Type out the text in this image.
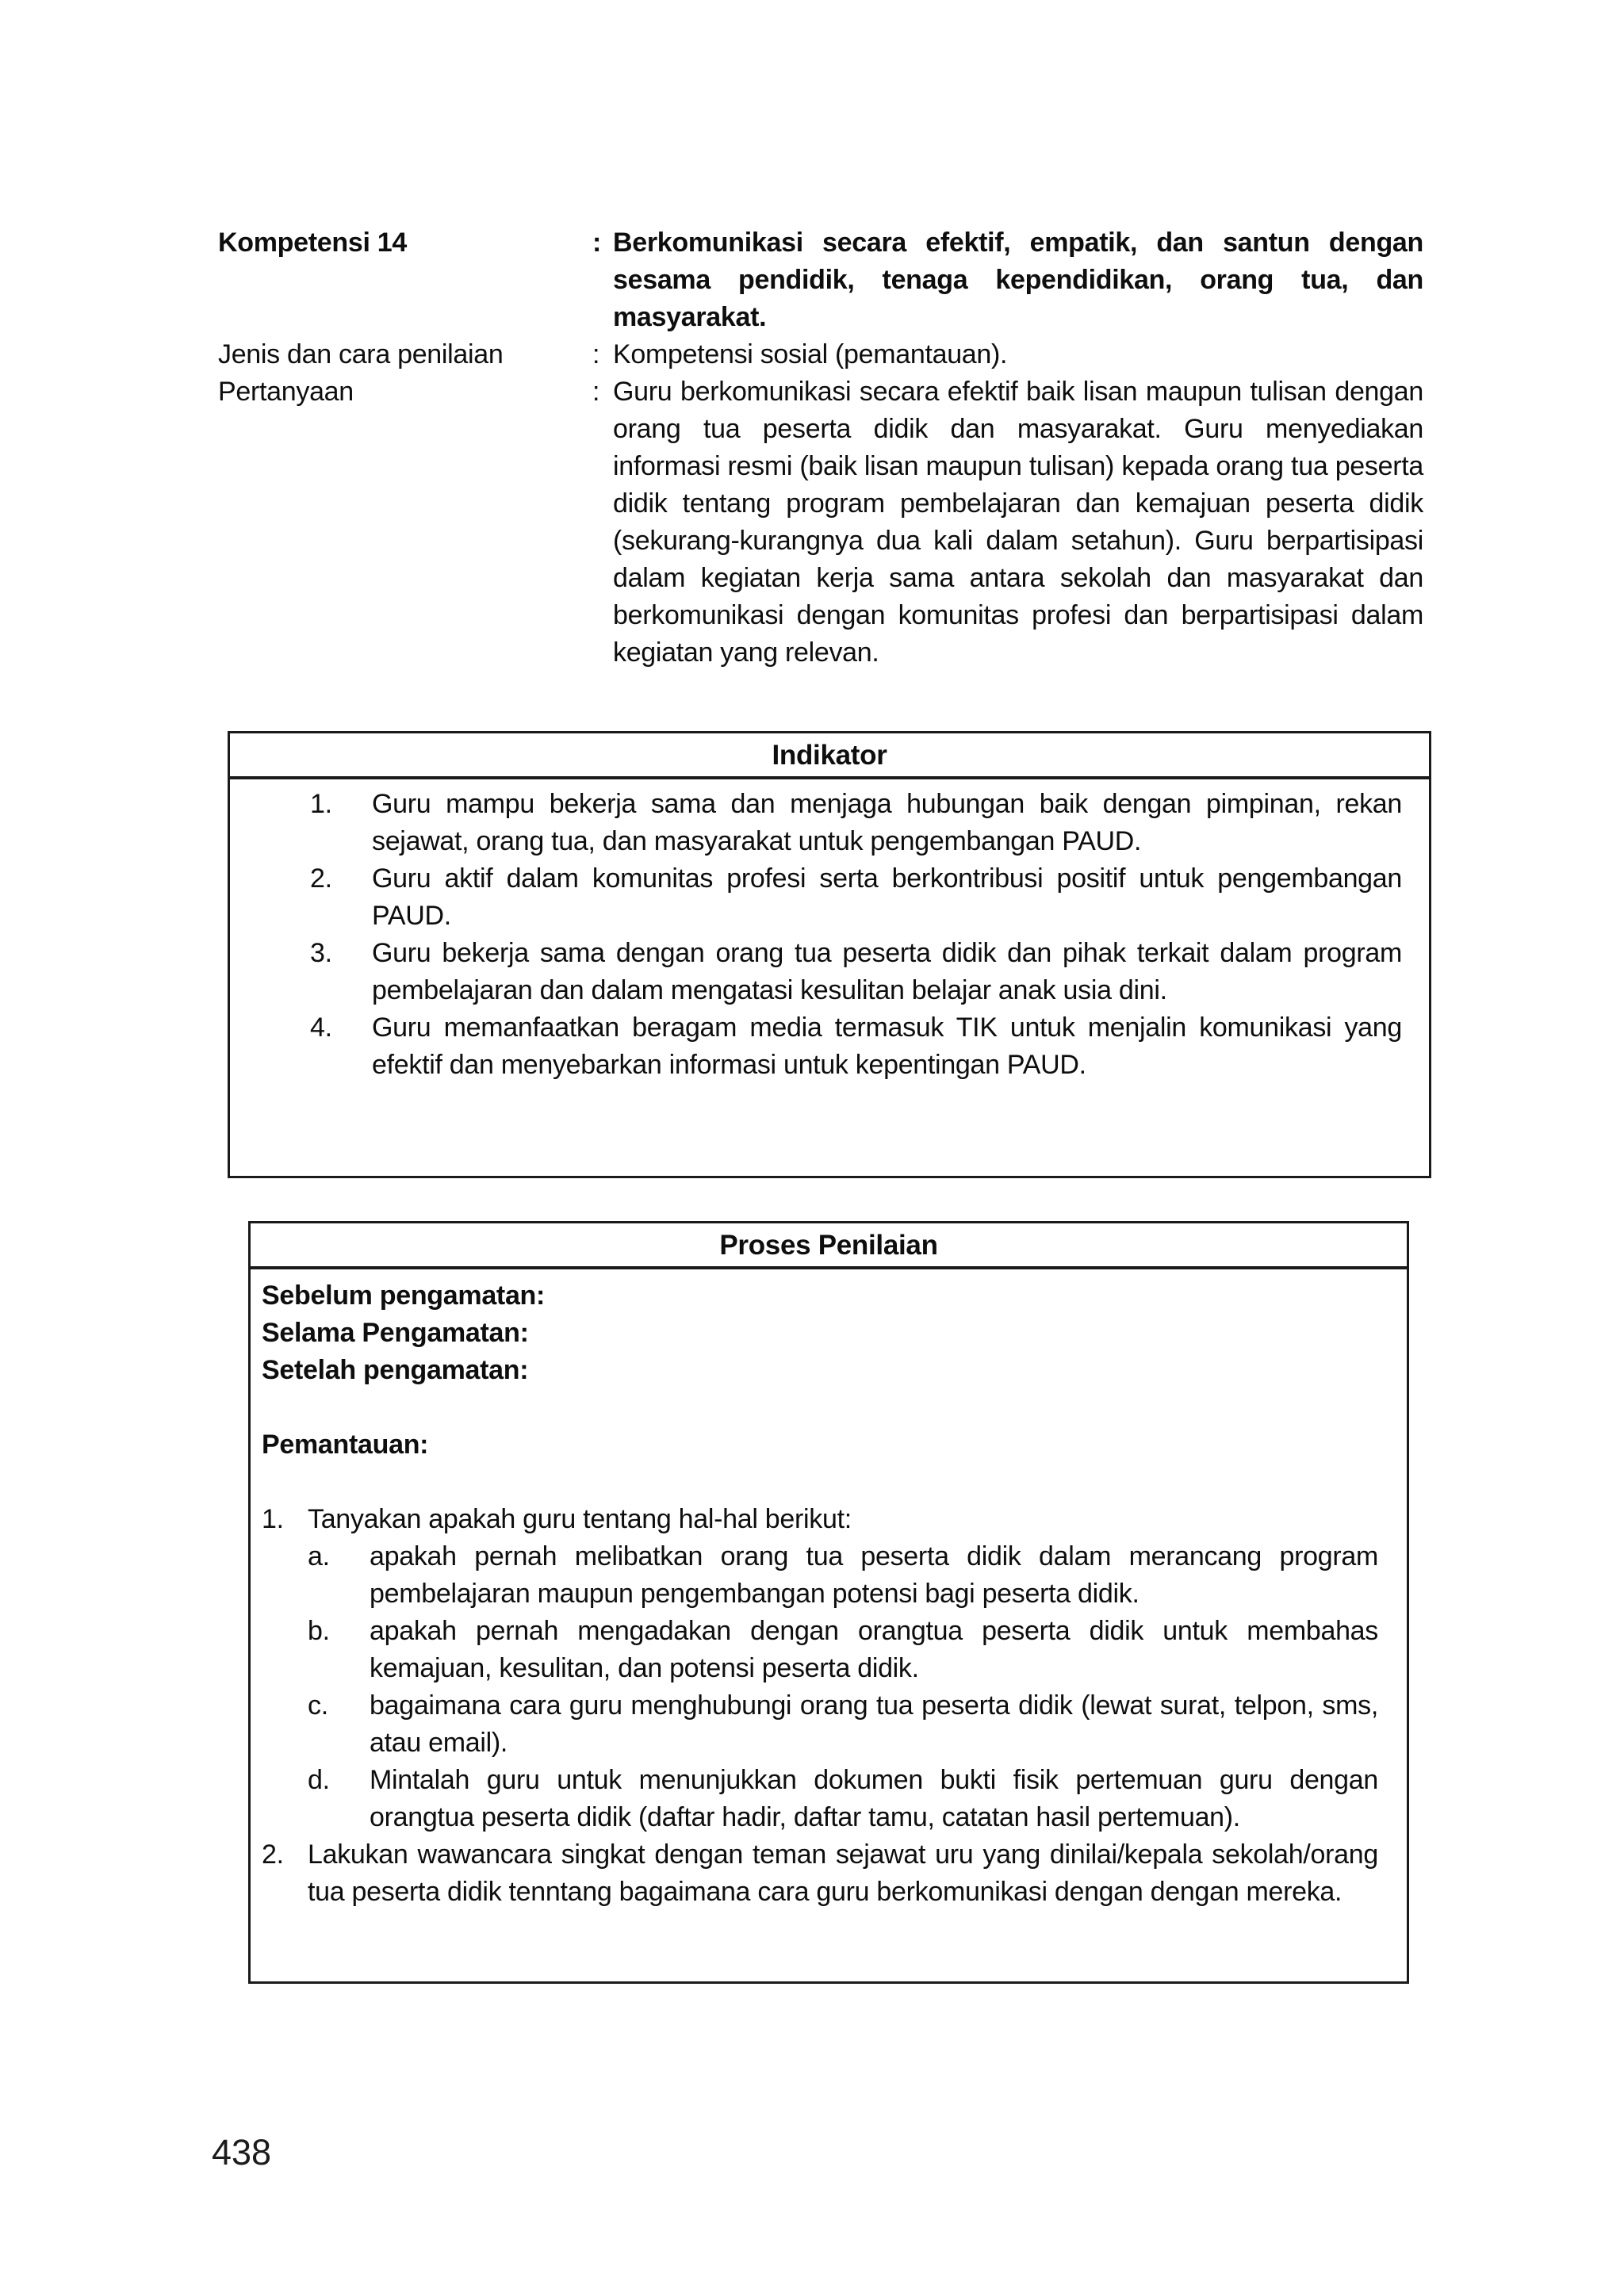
Kompetensi 14	: Berkomunikasi secara efektif, empatik, dan santun dengan sesama pendidik, tenaga kependidikan, orang tua, dan masyarakat.
Jenis dan cara penilaian	: Kompetensi sosial (pemantauan).
Pertanyaan	: Guru berkomunikasi secara efektif baik lisan maupun tulisan dengan orang tua peserta didik dan masyarakat. Guru menyediakan informasi resmi (baik lisan maupun tulisan) kepada orang tua peserta didik tentang program pembelajaran dan kemajuan peserta didik (sekurang-kurangnya dua kali dalam setahun). Guru berpartisipasi dalam kegiatan kerja sama antara sekolah dan masyarakat dan berkomunikasi dengan komunitas profesi dan berpartisipasi dalam kegiatan yang relevan.
Indikator
1.	Guru mampu bekerja sama dan menjaga hubungan baik dengan pimpinan, rekan sejawat, orang tua, dan masyarakat untuk pengembangan PAUD.
2.	Guru aktif dalam komunitas profesi serta berkontribusi positif untuk pengembangan PAUD.
3.	Guru bekerja sama dengan orang tua peserta didik dan pihak terkait dalam program pembelajaran dan dalam mengatasi kesulitan belajar anak usia dini.
4.	Guru memanfaatkan beragam media termasuk TIK untuk menjalin komunikasi yang efektif dan menyebarkan informasi untuk kepentingan PAUD.
Proses Penilaian
Sebelum pengamatan:
Selama Pengamatan:
Setelah pengamatan:
Pemantauan:
1. Tanyakan apakah guru tentang hal-hal berikut:
a.	apakah pernah melibatkan orang tua peserta didik dalam merancang program pembelajaran maupun pengembangan potensi bagi peserta didik.
b.	apakah pernah mengadakan dengan orangtua peserta didik untuk membahas kemajuan, kesulitan, dan potensi peserta didik.
c.	bagaimana cara guru menghubungi orang tua peserta didik (lewat surat, telpon, sms, atau email).
d.	Mintalah guru untuk menunjukkan dokumen bukti fisik pertemuan guru dengan orangtua peserta didik (daftar hadir, daftar tamu, catatan hasil pertemuan).
2. Lakukan wawancara singkat dengan teman sejawat uru yang dinilai/kepala sekolah/orang tua peserta didik tenntang bagaimana cara guru berkomunikasi dengan dengan mereka.
438
